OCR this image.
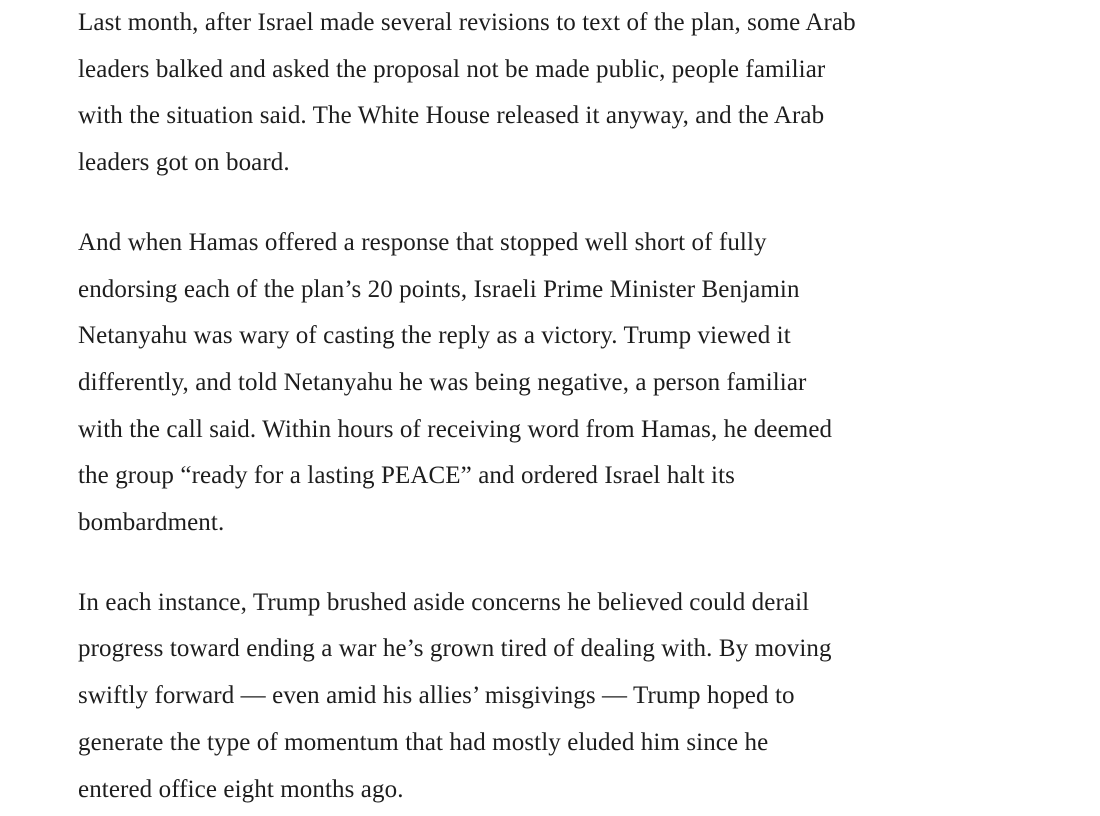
Last month, after Israel made several revisions to text of the plan, some Arab
leaders balked and asked the proposal not be made public, people familiar
with the situation said. The White House released it anyway, and the Arab
leaders got on board.

And when Hamas offered a response that stopped well short of fully
endorsing each of the plan’s 20 points, Israeli Prime Minister Benjamin
Netanyahu was wary of casting the reply as a victory. Trump viewed it
differently, and told Netanyahu he was being negative, a person familiar
with the call said. Within hours of receiving word from Hamas, he deemed
the group “ready for a lasting PEACE” and ordered Israel halt its
bombardment.

In each instance, Trump brushed aside concerns he believed could derail
progress toward ending a war he’s grown tired of dealing with. By moving
swiftly forward — even amid his allies’ misgivings — Trump hoped to
generate the type of momentum that had mostly eluded him since he
entered office eight months ago.
